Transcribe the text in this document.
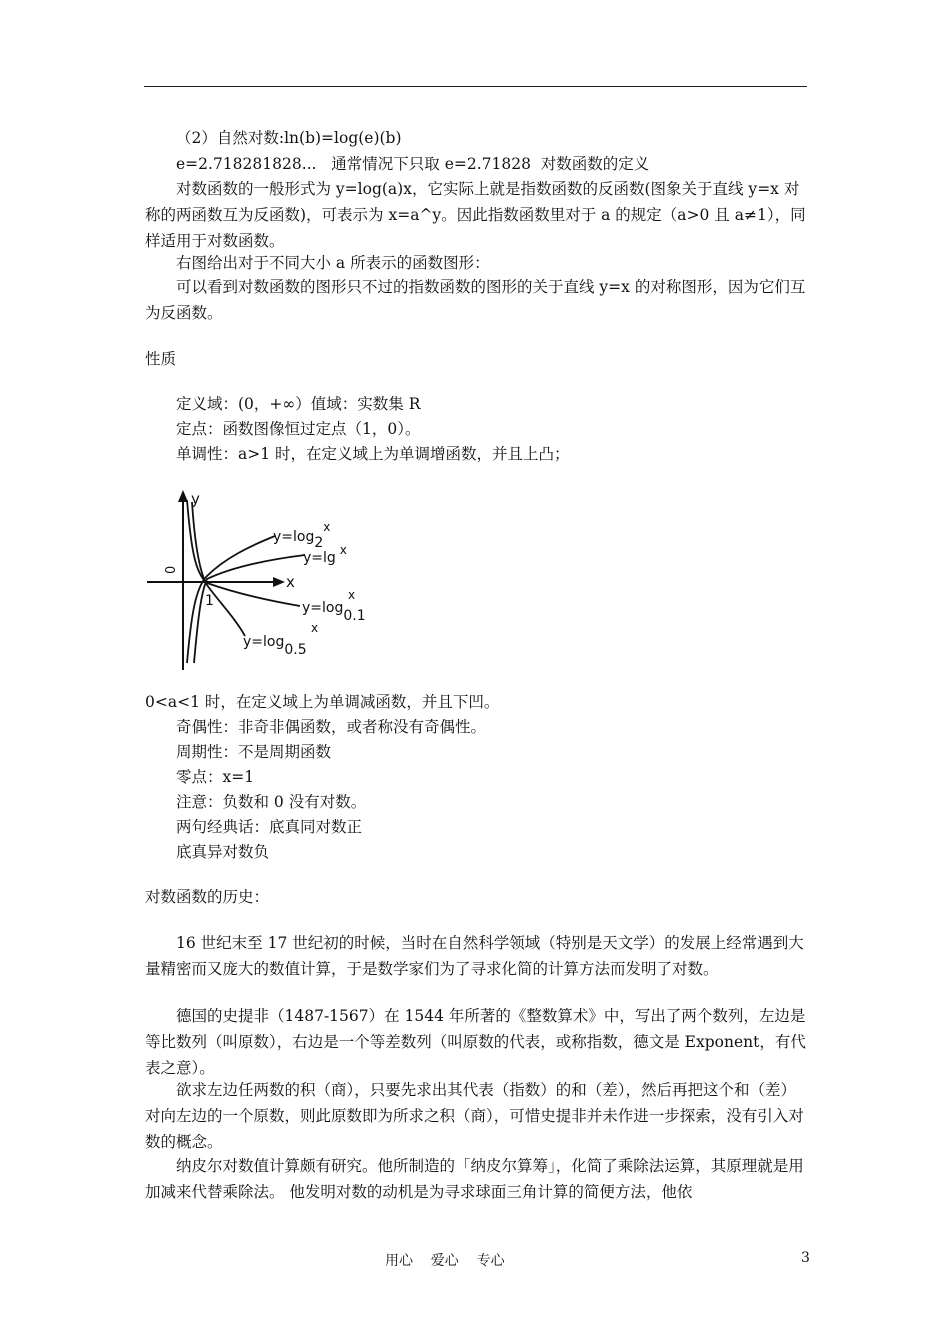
（2）自然对数:ln(b)=log(e)(b)
e=2.718281828...   通常情况下只取 e=2.71828  对数函数的定义
对数函数的一般形式为 y=log(a)x，它实际上就是指数函数的反函数(图象关于直线 y=x 对称的两函数互为反函数)，可表示为 x=a^y。因此指数函数里对于 a 的规定（a>0 且 a≠1），同样适用于对数函数。
右图给出对于不同大小 a 所表示的函数图形：
可以看到对数函数的图形只不过的指数函数的图形的关于直线 y=x 的对称图形，因为它们互为反函数。
性质
定义域：(0，+∞）值域：实数集 R
定点：函数图像恒过定点（1，0）。
单调性：a>1 时，在定义域上为单调增函数，并且上凸；
y
x
0
1
y=log2x
y=lg x
y=log0.1x
y=log0.5x
0<a<1 时，在定义域上为单调减函数，并且下凹。
奇偶性：非奇非偶函数，或者称没有奇偶性。
周期性：不是周期函数
零点：x=1
注意：负数和 0 没有对数。
两句经典话：底真同对数正
底真异对数负
对数函数的历史：
16 世纪末至 17 世纪初的时候，当时在自然科学领域（特别是天文学）的发展上经常遇到大量精密而又庞大的数值计算，于是数学家们为了寻求化简的计算方法而发明了对数。
德国的史提非（1487-1567）在 1544 年所著的《整数算术》中，写出了两个数列，左边是等比数列（叫原数），右边是一个等差数列（叫原数的代表，或称指数，德文是 Exponent，有代表之意）。
欲求左边任两数的积（商），只要先求出其代表（指数）的和（差），然后再把这个和（差）对向左边的一个原数，则此原数即为所求之积（商），可惜史提非并未作进一步探索，没有引入对数的概念。
纳皮尔对数值计算颇有研究。他所制造的「纳皮尔算筹」，化简了乘除法运算，其原理就是用加减来代替乘除法。 他发明对数的动机是为寻求球面三角计算的简便方法，他依
用心    爱心    专心	3
